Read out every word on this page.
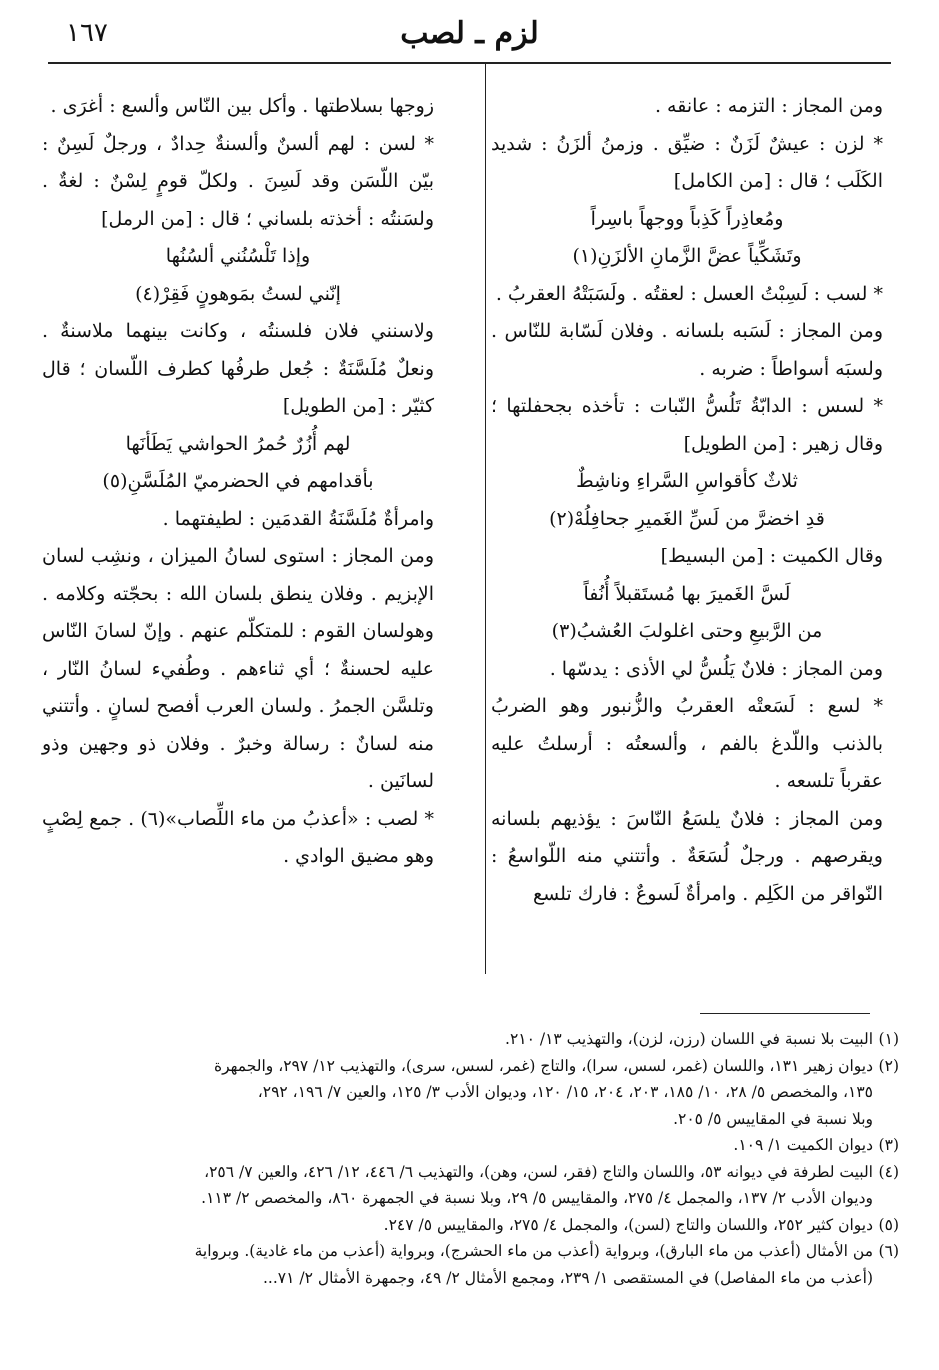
لزم ـ لصب
١٦٧

ومن المجاز : التزمه : عانقه .

* لزن : عيشٌ لَزَنٌ : ضيِّق . وزمنُ ألزَنُ : شديد الكَلَب ؛ قال : [من الكامل]

ومُعاذِراً كَذِباً ووجهاً باسِراً

وتَشَكِّياً عضَّ الزَّمانِ الألزَنِ(١)

* لسب : لَسِبْتُ العسل : لعقتُه . ولَسَبَتْهُ العقربُ .

ومن المجاز : لَسَبه بلسانه . وفلان لَسّابة للنّاس . ولسبَه أسواطاً : ضربه .

* لسس : الدابّةُ تَلُسُّ النّبات : تأخذه بجحفلتها ؛ وقال زهير : [من الطويل]

ثلاثٌ كأقواسِ السَّراءِ وناشِطٌ

قدِ اخضرَّ من لَسِّ الغَميرِ جحافِلُهْ(٢)

وقال الكميت : [من البسيط]

لَسَّ الغَميرَ بها مُستَقبلاً أُنُفاً

من الرَّبيعِ وحتى اغلولبَ العُشبُ(٣)

ومن المجاز : فلانٌ يَلُسُّ لي الأذى : يدسّها .

* لسع : لَسَعتْه العقربُ والزُّنبور وهو الضربُ بالذنب واللّدغ بالفم ، وألسعتُه : أرسلتُ عليه عقرباً تلسعه .

ومن المجاز : فلانٌ يلسَعُ النّاسَ : يؤذيهم بلسانه ويقرصهم . ورجلٌ لُسَعَةٌ . وأتتني منه اللّواسعُ : النّواقر من الكَلِم . وامرأةٌ لَسوعٌ : فارك تلسع

زوجها بسلاطتها . وأكل بين النّاس وألسع : أغرَى .

* لسن : لهم ألسنٌ وألسنةٌ حِدادٌ ، ورجلٌ لَسِنٌ : بيّن اللّسَن وقد لَسِنَ . ولكلّ قومٍ لِسْنٌ : لغةٌ . ولسَنتُه : أخذته بلساني ؛ قال : [من الرمل]

وإذا تَلْسُنُني ألسُنُها

إنّني لستُ بمَوهونٍ فَقِرْ(٤)

ولاسنني فلان فلسنتُه ، وكانت بينهما ملاسنةٌ . ونعلٌ مُلَسَّنَةٌ : جُعل طرفُها كطرف اللّسان ؛ قال كثيّر : [من الطويل]

لهم أُزُرٌ حُمرُ الحواشي يَطَأنَها

بأقدامهم في الحضرميّ المُلَسَّنِ(٥)

وامرأةٌ مُلَسَّنَةُ القدمَين : لطيفتهما .

ومن المجاز : استوى لسانُ الميزان ، ونشِب لسان الإبزيم . وفلان ينطق بلسان الله : بحجّته وكلامه . وهولسان القوم : للمتكلّم عنهم . وإنّ لسانَ النّاس عليه لحسنةٌ ؛ أي ثناءهم . وطُفيء لسانُ النّار ، وتلسَّن الجمرُ . ولسان العرب أفصح لسانٍ . وأتتني منه لسانٌ : رسالة وخبرٌ . وفلان ذو وجهين وذو لسانَين .

* لصب : «أعذبُ من ماء اللِّصاب»(٦) . جمع لِصْبٍ وهو مضيق الوادي .

(١)البيت بلا نسبة في اللسان (رزن، لزن)، والتهذيب ١٣/ ٢١٠.

(٢)ديوان زهير ١٣١، واللسان (غمر، لسس، سرا)، والتاج (غمر، لسس، سرى)، والتهذيب ١٢/ ٢٩٧، والجمهرة

١٣٥، والمخصص ٥/ ٢٨، ١٠/ ١٨٥، ٢٠٣، ٢٠٤، ١٥/ ١٢٠، وديوان الأدب ٣/ ١٢٥، والعين ٧/ ١٩٦، ٢٩٢،

وبلا نسبة في المقاييس ٥/ ٢٠٥.

(٣)ديوان الكميت ١/ ١٠٩.

(٤)البيت لطرفة في ديوانه ٥٣، واللسان والتاج (فقر، لسن، وهن)، والتهذيب ٦/ ٤٤٦، ١٢/ ٤٢٦، والعين ٧/ ٢٥٦،

وديوان الأدب ٢/ ١٣٧، والمجمل ٤/ ٢٧٥، والمقاييس ٥/ ٢٩، وبلا نسبة في الجمهرة ٨٦٠، والمخصص ٢/ ١١٣.

(٥)ديوان كثير ٢٥٢، واللسان والتاج (لسن)، والمجمل ٤/ ٢٧٥، والمقاييس ٥/ ٢٤٧.

(٦)من الأمثال (أعذب من ماء البارق)، وبرواية (أعذب من ماء الحشرج)، وبرواية (أعذب من ماء غادية). وبرواية

(أعذب من ماء المفاصل) في المستقصى ١/ ٢٣٩، ومجمع الأمثال ٢/ ٤٩، وجمهرة الأمثال ٢/ ٧١...
